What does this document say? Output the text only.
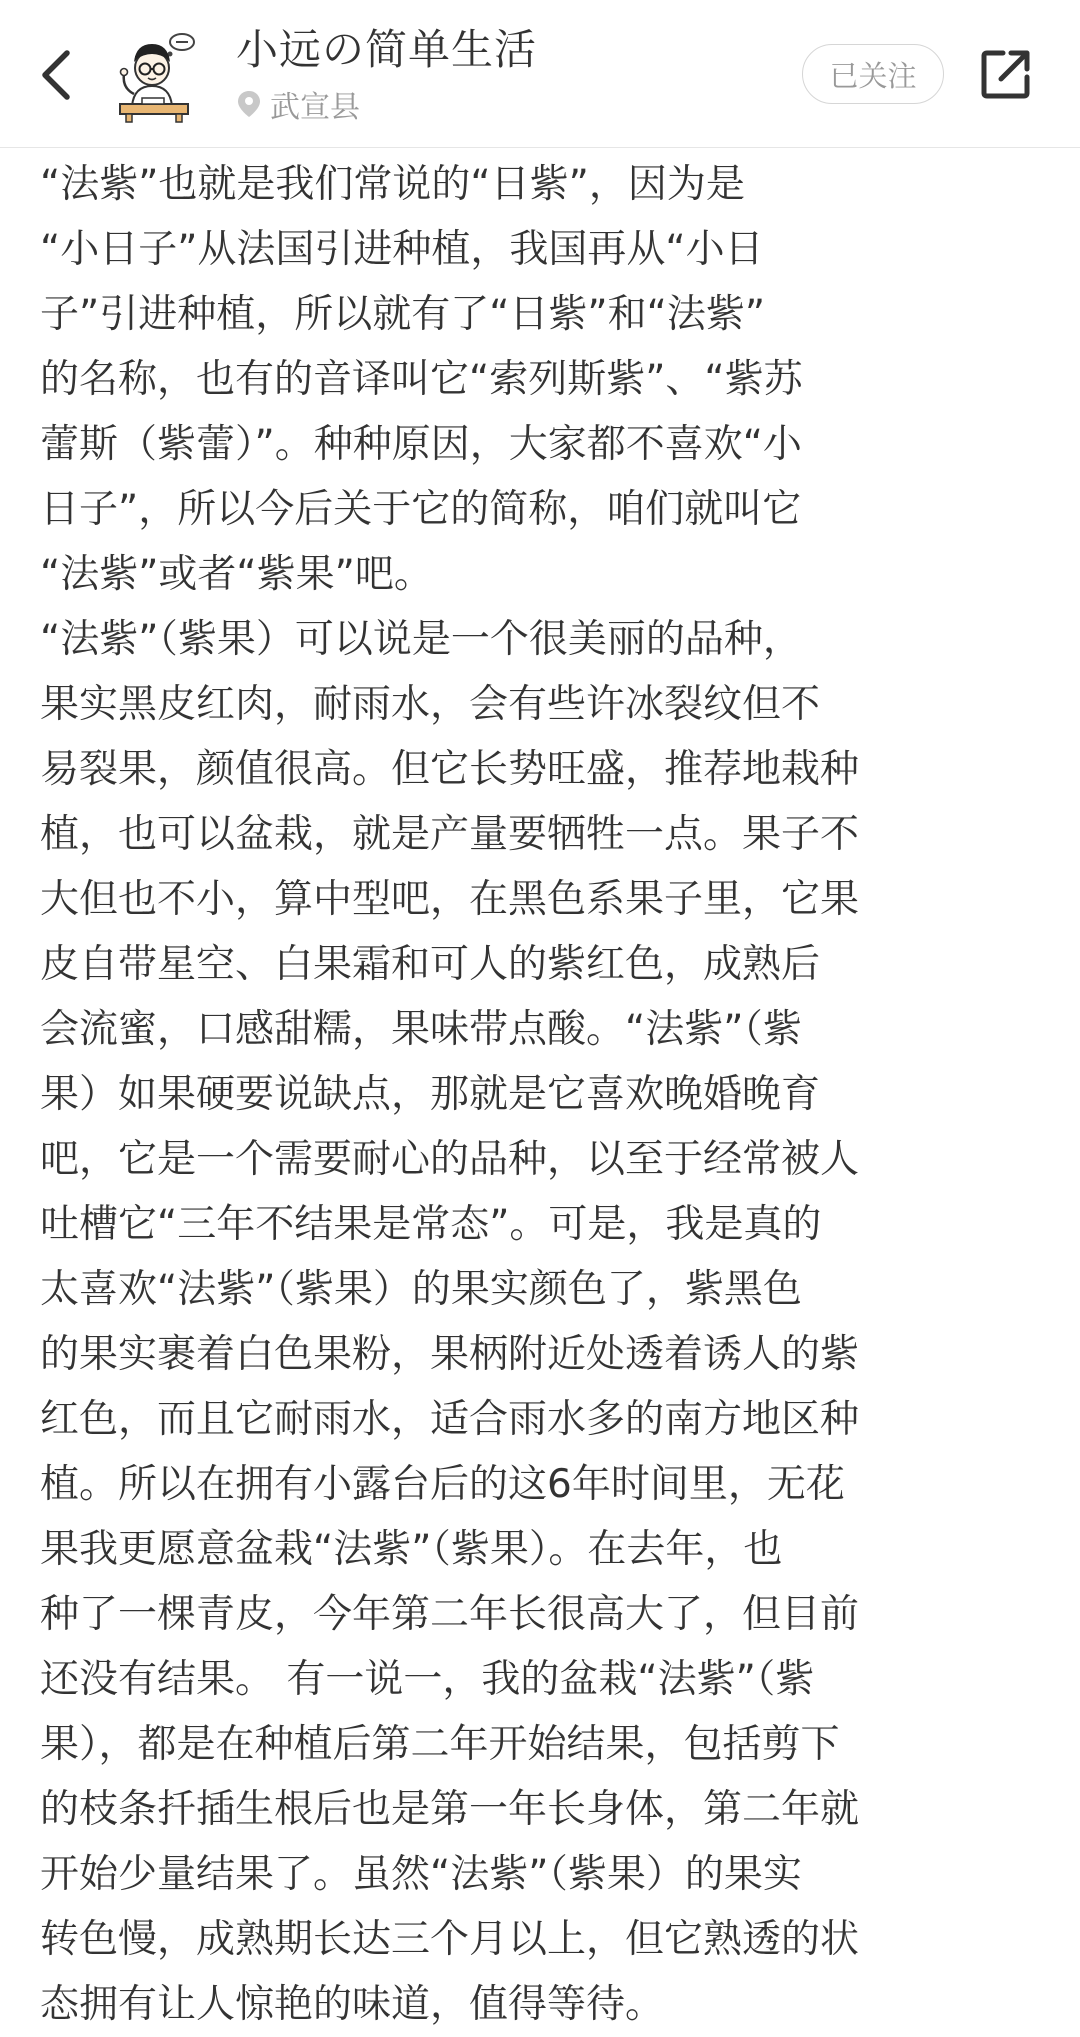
小远の简单生活
武宣县
已关注

“法紫”也就是我们常说的“日紫”，因为是
“小日子”从法国引进种植，我国再从“小日
子”引进种植，所以就有了“日紫”和“法紫”
的名称，也有的音译叫它“索列斯紫”、“紫苏
蕾斯（紫蕾）”。种种原因，大家都不喜欢“小
日子”，所以今后关于它的简称，咱们就叫它
“法紫”或者“紫果”吧。

“法紫”（紫果）可以说是一个很美丽的品种，
果实黑皮红肉，耐雨水，会有些许冰裂纹但不
易裂果，颜值很高。但它长势旺盛，推荐地栽种
植，也可以盆栽，就是产量要牺牲一点。果子不
大但也不小，算中型吧，在黑色系果子里，它果
皮自带星空、白果霜和可人的紫红色，成熟后
会流蜜，口感甜糯，果味带点酸。“法紫”（紫
果）如果硬要说缺点，那就是它喜欢晚婚晚育
吧，它是一个需要耐心的品种，以至于经常被人
吐槽它“三年不结果是常态”。可是，我是真的
太喜欢“法紫”（紫果）的果实颜色了，紫黑色
的果实裹着白色果粉，果柄附近处透着诱人的紫
红色，而且它耐雨水，适合雨水多的南方地区种
植。所以在拥有小露台后的这6年时间里，无花
果我更愿意盆栽“法紫”（紫果）。在去年，也
种了一棵青皮，今年第二年长很高大了，但目前
还没有结果。 有一说一，我的盆栽“法紫”（紫
果），都是在种植后第二年开始结果，包括剪下
的枝条扦插生根后也是第一年长身体，第二年就
开始少量结果了。虽然“法紫”（紫果）的果实
转色慢，成熟期长达三个月以上，但它熟透的状
态拥有让人惊艳的味道，值得等待。
